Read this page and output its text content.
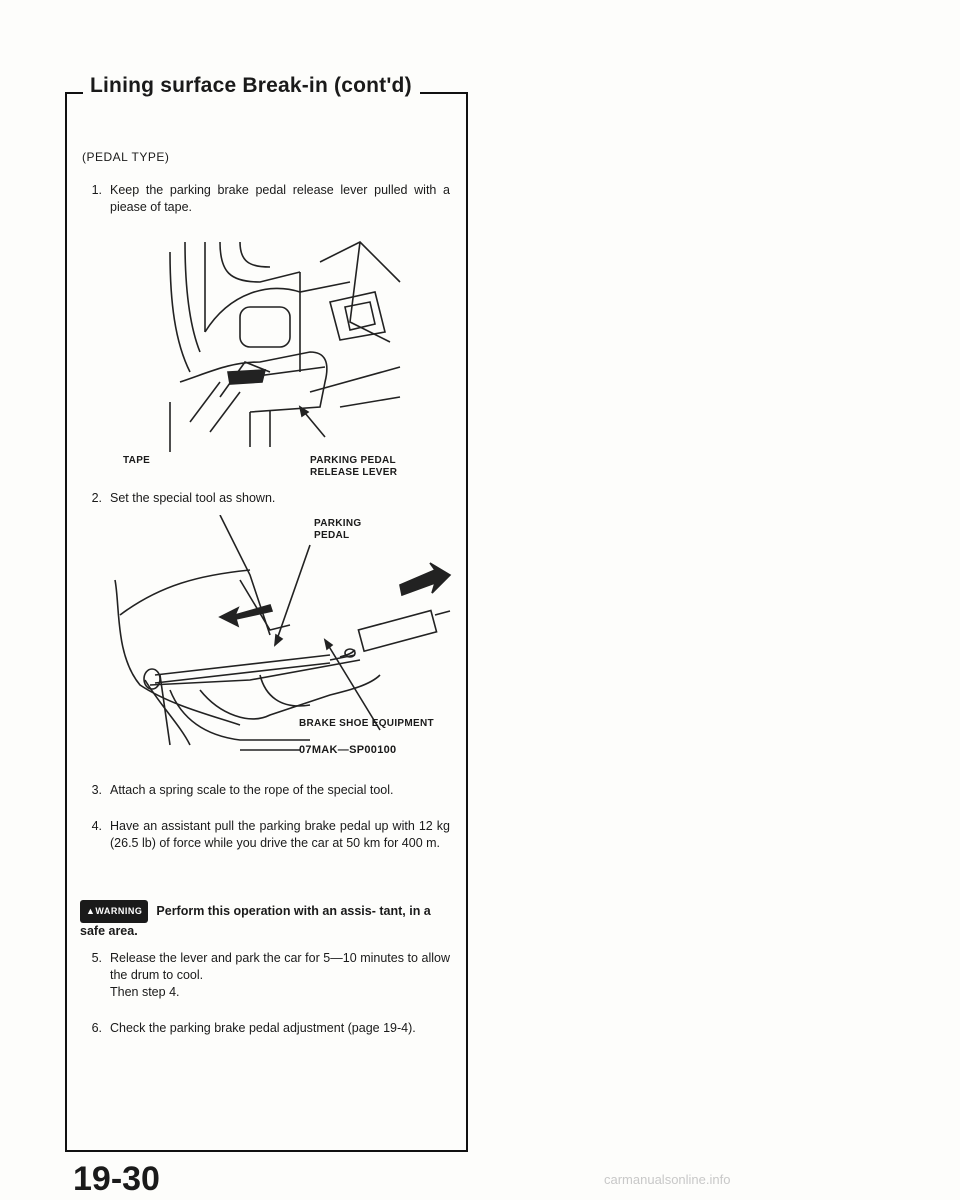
Lining surface Break-in (cont'd)
(PEDAL TYPE)
1. Keep the parking brake pedal release lever pulled with a piease of tape.
TAPE	PARKING PEDAL RELEASE LEVER
2. Set the special tool as shown.
PARKING PEDAL
BRAKE SHOE EQUIPMENT
07MAK—SP00100
3. Attach a spring scale to the rope of the special tool.
4. Have an assistant pull the parking brake pedal up with 12 kg (26.5 lb) of force while you drive the car at 50 km for 400 m.
▲WARNING Perform this operation with an assis- tant, in a safe area.
5. Release the lever and park the car for 5—10 minutes to allow the drum to cool.
Then step 4.
6. Check the parking brake pedal adjustment (page 19-4).
19-30	carmanualsonline.info
